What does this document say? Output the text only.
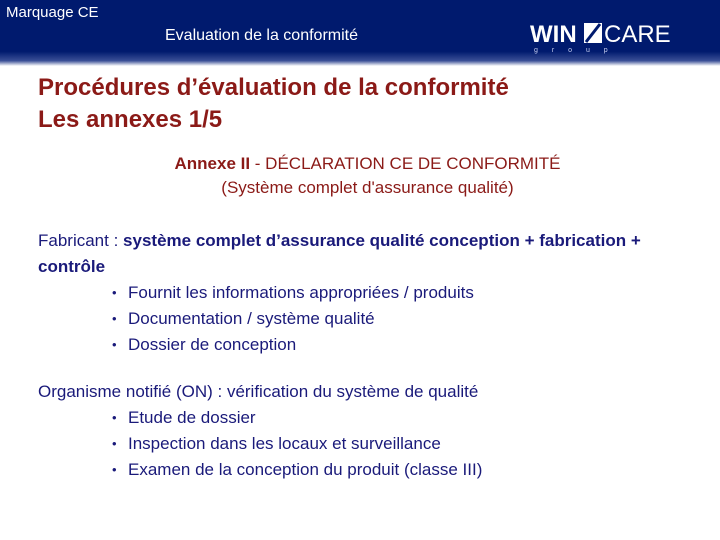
Marquage CE
Evaluation de la conformité	WIN CARE
g r o u p
Procédures d’évaluation de la conformité
Les annexes 1/5
Annexe II - DÉCLARATION CE DE CONFORMITÉ
(Système complet d'assurance qualité)
Fabricant : système complet d’assurance qualité conception + fabrication + contrôle
• Fournit les informations appropriées / produits
• Documentation / système qualité
• Dossier de conception
Organisme notifié (ON) : vérification du système de qualité
• Etude de dossier
• Inspection dans les locaux et surveillance
• Examen de la conception du produit (classe III)
